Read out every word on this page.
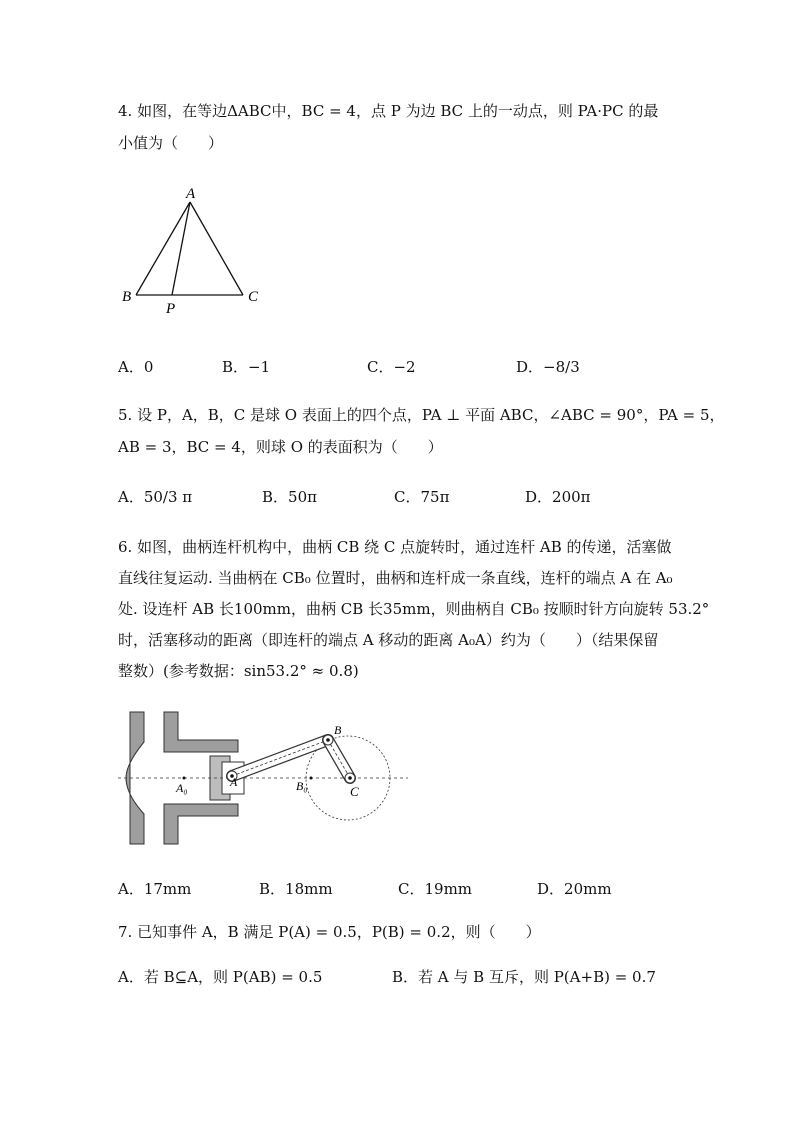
4. 如图，在等边ΔABC中，BC = 4，点 P 为边 BC 上的一动点，则 PA·PC 的最
小值为（　　）
A
B	C
P
A．0	B．−1	C．−2	D．−8/3
5. 设 P，A，B，C 是球 O 表面上的四个点，PA ⊥ 平面 ABC，∠ABC = 90°，PA = 5，
AB = 3，BC = 4，则球 O 的表面积为（　　）
A．50/3 π	B．50π	C．75π	D．200π
6. 如图，曲柄连杆机构中，曲柄 CB 绕 C 点旋转时，通过连杆 AB 的传递，活塞做
直线往复运动. 当曲柄在 CB₀ 位置时，曲柄和连杆成一条直线，连杆的端点 A 在 A₀
处. 设连杆 AB 长100mm，曲柄 CB 长35mm，则曲柄自 CB₀ 按顺时针方向旋转 53.2°
时，活塞移动的距离（即连杆的端点 A 移动的距离 A₀A）约为（　　）（结果保留
整数）(参考数据：sin53.2° ≈ 0.8)
A₀	A
B
B₀	C
A．17mm	B．18mm	C．19mm	D．20mm
7. 已知事件 A，B 满足 P(A) = 0.5，P(B) = 0.2，则（　　）
A．若 B⊆A，则 P(AB) = 0.5	B．若 A 与 B 互斥，则 P(A+B) = 0.7
